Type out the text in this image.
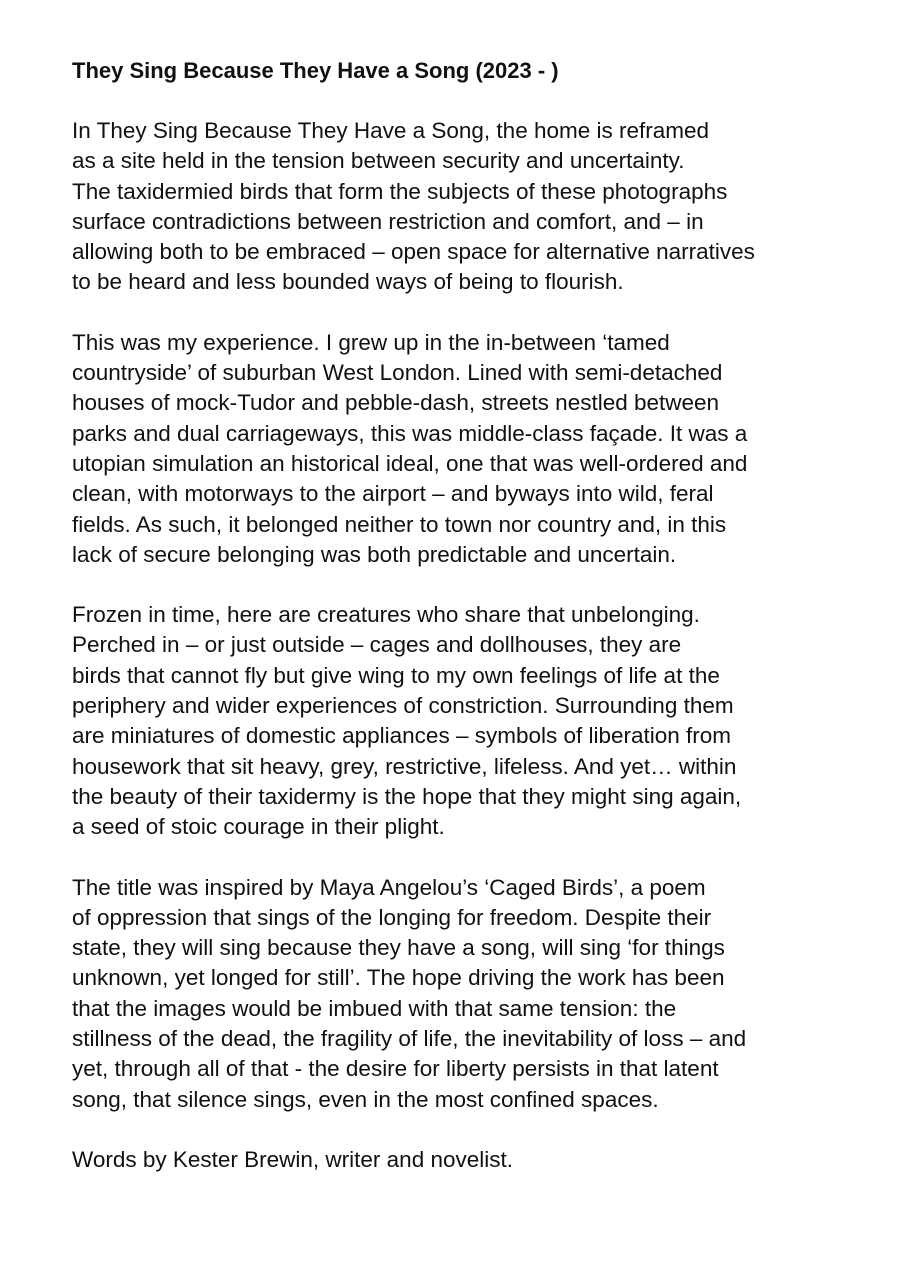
They Sing Because They Have a Song (2023 - )
In They Sing Because They Have a Song, the home is reframed
as a site held in the tension between security and uncertainty.
The taxidermied birds that form the subjects of these photographs
surface contradictions between restriction and comfort, and – in
allowing both to be embraced – open space for alternative narratives
to be heard and less bounded ways of being to flourish.
This was my experience. I grew up in the in-between ‘tamed
countryside’ of suburban West London. Lined with semi-detached
houses of mock-Tudor and pebble-dash, streets nestled between
parks and dual carriageways, this was middle-class façade. It was a
utopian simulation an historical ideal, one that was well-ordered and
clean, with motorways to the airport – and byways into wild, feral
fields. As such, it belonged neither to town nor country and, in this
lack of secure belonging was both predictable and uncertain.
Frozen in time, here are creatures who share that unbelonging.
Perched in – or just outside – cages and dollhouses, they are
birds that cannot fly but give wing to my own feelings of life at the
periphery and wider experiences of constriction. Surrounding them
are miniatures of domestic appliances – symbols of liberation from
housework that sit heavy, grey, restrictive, lifeless. And yet… within
the beauty of their taxidermy is the hope that they might sing again,
a seed of stoic courage in their plight.
The title was inspired by Maya Angelou’s ‘Caged Birds’, a poem
of oppression that sings of the longing for freedom. Despite their
state, they will sing because they have a song, will sing ‘for things
unknown, yet longed for still’. The hope driving the work has been
that the images would be imbued with that same tension: the
stillness of the dead, the fragility of life, the inevitability of loss – and
yet, through all of that - the desire for liberty persists in that latent
song, that silence sings, even in the most confined spaces.

Words by Kester Brewin, writer and novelist.
